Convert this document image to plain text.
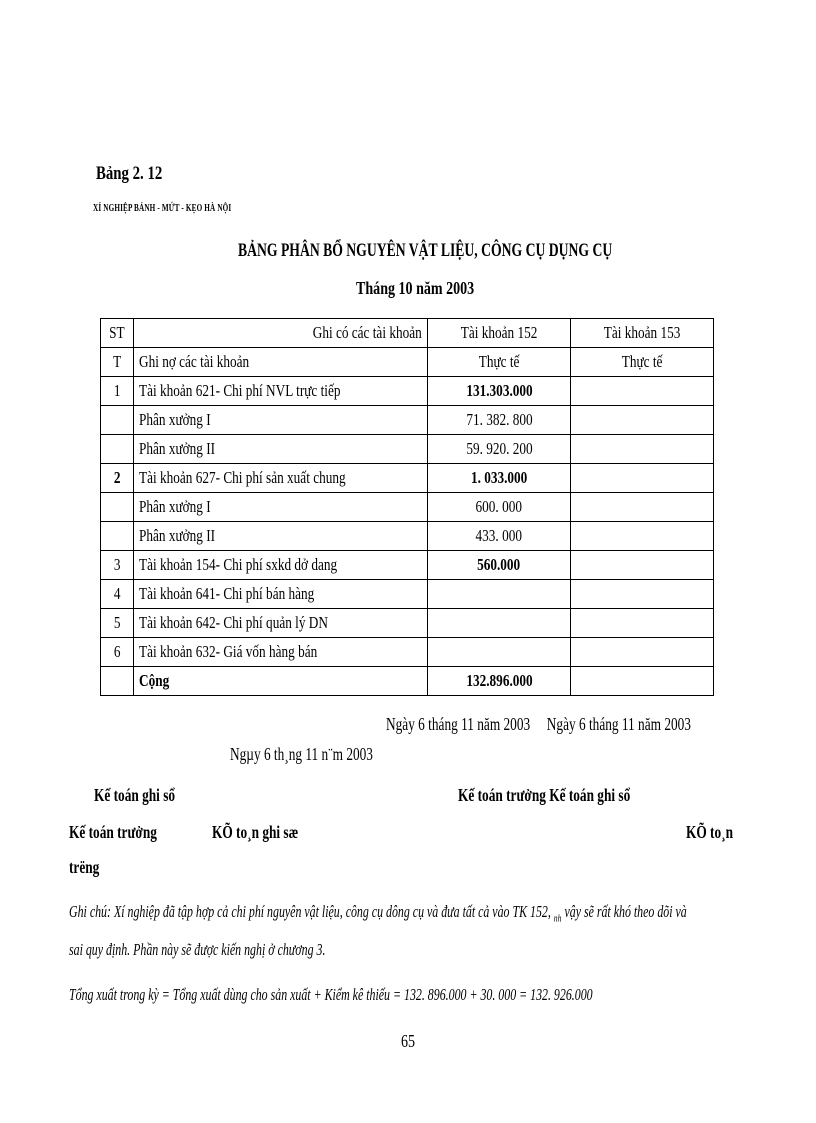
Bảng 2. 12
XÍ NGHIỆP BÁNH - MỨT - KẸO HÀ NỘI
BẢNG PHÂN BỔ NGUYÊN VẬT LIỆU, CÔNG CỤ DỤNG CỤ
Tháng 10 năm 2003
ST	Ghi có các tài khoản	Tài khoản 152	Tài khoản 153
T	Ghi nợ các tài khoản	Thực tế	Thực tế
1	Tài khoản 621- Chi phí NVL trực tiếp	131.303.000	
	Phân xưởng I	71. 382. 800	
	Phân xưởng II	59. 920. 200	
2	Tài khoản 627- Chi phí sản xuất chung	1. 033.000	
	Phân xưởng I	600. 000	
	Phân xưởng II	433. 000	
3	Tài khoản 154- Chi phí sxkd dở dang	560.000	
4	Tài khoản 641- Chi phí bán hàng		
5	Tài khoản 642- Chi phí quản lý DN		
6	Tài khoản 632- Giá vốn hàng bán		
	Cộng	132.896.000	
Ngày 6 tháng 11 năm 2003     Ngày 6 tháng 11 năm 2003
Ngµy 6 th¸ng 11 n¨m 2003
Kế toán ghi sổ	Kế toán trưởng Kế toán ghi sổ
Kế toán trưởng	KÕ to¸n ghi sæ	KÕ to¸n
trëng
Ghi chú: Xí nghiệp đã tập hợp cả chi phí nguyên vật liệu, công cụ dông cụ và đưa tất cả vào TK 152, $_{nh}$ vậy sẽ rất khó theo dõi và
sai quy định. Phần này sẽ được kiến nghị ở chương 3.
Tổng xuất trong kỳ = Tổng xuất dùng cho sản xuất + Kiểm kê thiếu = 132. 896.000 + 30. 000 = 132. 926.000
65
